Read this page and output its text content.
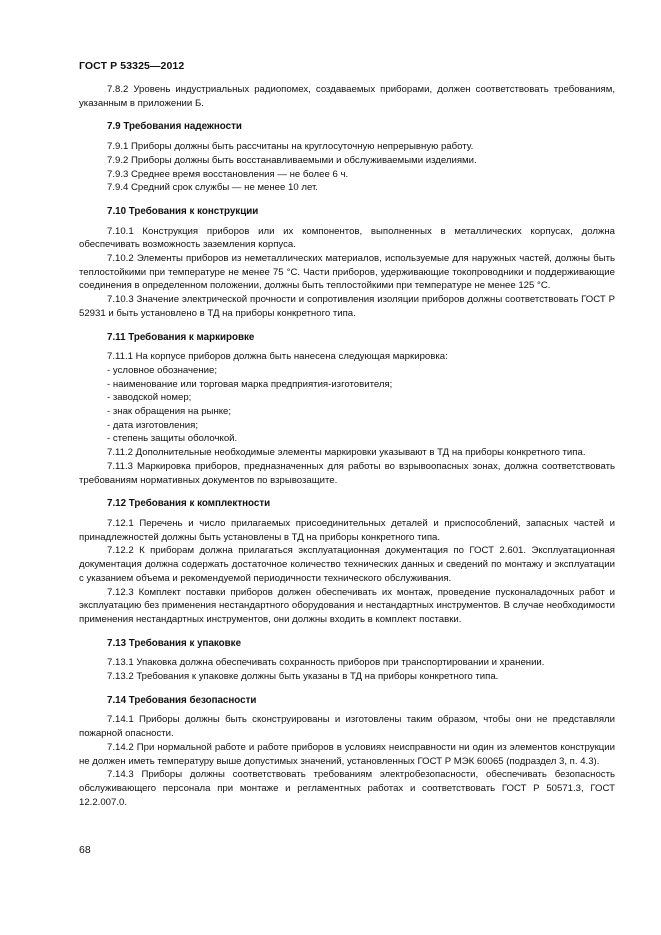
ГОСТ Р 53325—2012

7.8.2 Уровень индустриальных радиопомех, создаваемых приборами, должен соответствовать требованиям, указанным в приложении Б.

7.9 Требования надежности

7.9.1 Приборы должны быть рассчитаны на круглосуточную непрерывную работу.

7.9.2 Приборы должны быть восстанавливаемыми и обслуживаемыми изделиями.

7.9.3 Среднее время восстановления — не более 6 ч.

7.9.4 Средний срок службы — не менее 10 лет.

7.10 Требования к конструкции

7.10.1 Конструкция приборов или их компонентов, выполненных в металлических корпусах, должна обеспечивать возможность заземления корпуса.

7.10.2 Элементы приборов из неметаллических материалов, используемые для наружных частей, должны быть теплостойкими при температуре не менее 75 °С. Части приборов, удерживающие токопроводники и поддерживающие соединения в определенном положении, должны быть теплостойкими при температуре не менее 125 °С.

7.10.3 Значение электрической прочности и сопротивления изоляции приборов должны соответствовать ГОСТ Р 52931 и быть установлено в ТД на приборы конкретного типа.

7.11 Требования к маркировке

7.11.1 На корпусе приборов должна быть нанесена следующая маркировка:

- условное обозначение;

- наименование или торговая марка предприятия-изготовителя;

- заводской номер;

- знак обращения на рынке;

- дата изготовления;

- степень защиты оболочкой.

7.11.2 Дополнительные необходимые элементы маркировки указывают в ТД на приборы конкретного типа.

7.11.3 Маркировка приборов, предназначенных для работы во взрывоопасных зонах, должна соответствовать требованиям нормативных документов по взрывозащите.

7.12 Требования к комплектности

7.12.1 Перечень и число прилагаемых присоединительных деталей и приспособлений, запасных частей и принадлежностей должны быть установлены в ТД на приборы конкретного типа.

7.12.2 К приборам должна прилагаться эксплуатационная документация по ГОСТ 2.601. Эксплуатационная документация должна содержать достаточное количество технических данных и сведений по монтажу и эксплуатации с указанием объема и рекомендуемой периодичности технического обслуживания.

7.12.3 Комплект поставки приборов должен обеспечивать их монтаж, проведение пусконаладочных работ и эксплуатацию без применения нестандартного оборудования и нестандартных инструментов. В случае необходимости применения нестандартных инструментов, они должны входить в комплект поставки.

7.13 Требования к упаковке

7.13.1 Упаковка должна обеспечивать сохранность приборов при транспортировании и хранении.

7.13.2 Требования к упаковке должны быть указаны в ТД на приборы конкретного типа.

7.14 Требования безопасности

7.14.1 Приборы должны быть сконструированы и изготовлены таким образом, чтобы они не представляли пожарной опасности.

7.14.2 При нормальной работе и работе приборов в условиях неисправности ни один из элементов конструкции не должен иметь температуру выше допустимых значений, установленных ГОСТ Р МЭК 60065 (подраздел 3, п. 4.3).

7.14.3 Приборы должны соответствовать требованиям электробезопасности, обеспечивать безопасность обслуживающего персонала при монтаже и регламентных работах и соответствовать ГОСТ Р 50571.3, ГОСТ 12.2.007.0.

68
